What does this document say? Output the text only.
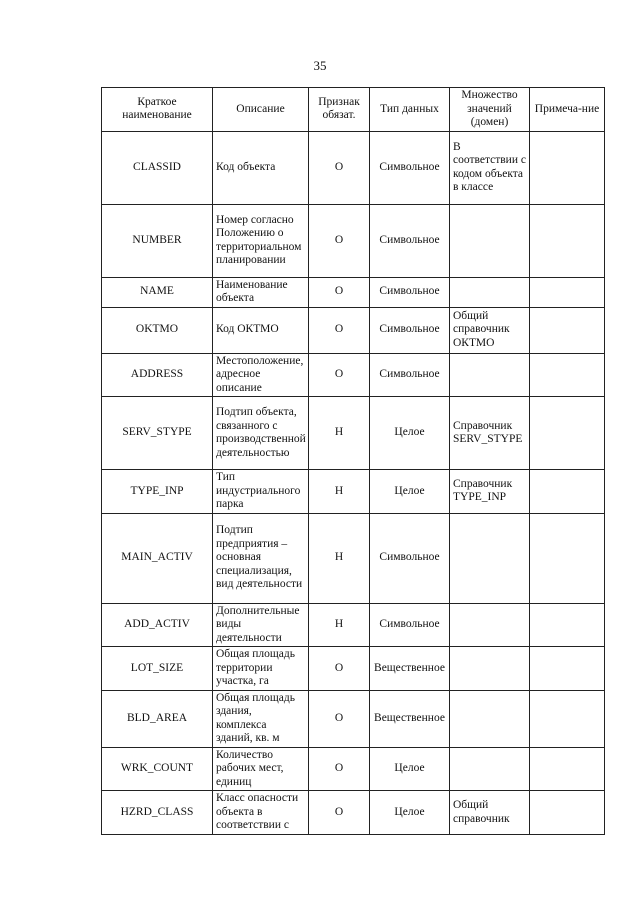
35
Краткое наименование	Описание	Признак обязат.	Тип данных	Множество значений (домен)	Примеча-ние
CLASSID	Код объекта	О	Символьное	В соответствии с кодом объекта в классе	
NUMBER	Номер согласно Положению о территориальном планировании	О	Символьное		
NAME	Наименование объекта	О	Символьное		
OKTMO	Код ОКТМО	О	Символьное	Общий справочник ОКТМО	
ADDRESS	Местоположение, адресное описание	О	Символьное		
SERV_STYPE	Подтип объекта, связанного с производственной деятельностью	Н	Целое	Справочник SERV_STYPE	
TYPE_INP	Тип индустриального парка	Н	Целое	Справочник TYPE_INP	
MAIN_ACTIV	Подтип предприятия – основная специализация, вид деятельности	Н	Символьное		
ADD_ACTIV	Дополнительные виды деятельности	Н	Символьное		
LOT_SIZE	Общая площадь территории участка, га	О	Вещественное		
BLD_AREA	Общая площадь здания, комплекса зданий, кв. м	О	Вещественное		
WRK_COUNT	Количество рабочих мест, единиц	О	Целое		
HZRD_CLASS	Класс опасности объекта в соответствии с	О	Целое	Общий справочник	
